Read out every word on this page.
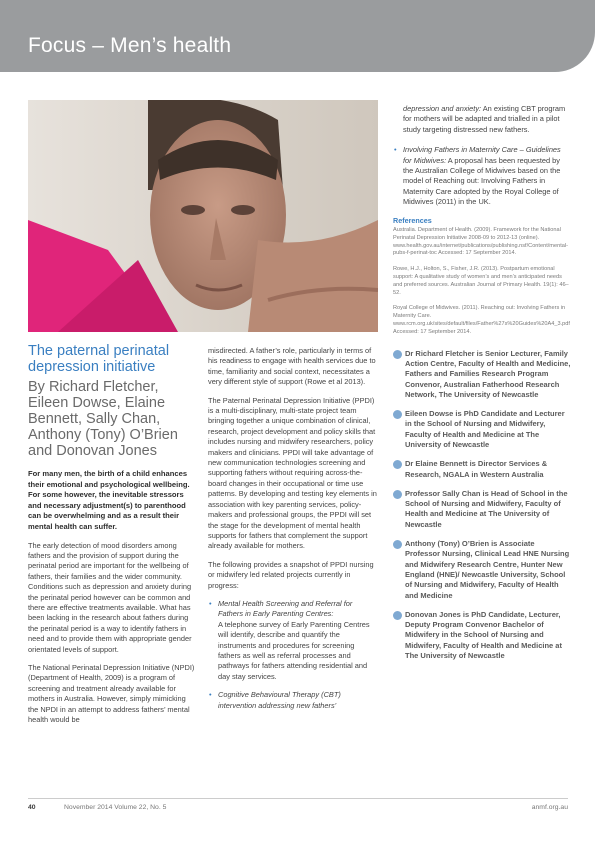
Focus – Men’s health
The paternal perinatal depression initiative
By Richard Fletcher, Eileen Dowse, Elaine Bennett, Sally Chan, Anthony (Tony) O’Brien and Donovan Jones

For many men, the birth of a child enhances their emotional and psychological wellbeing. For some however, the inevitable stressors and necessary adjustment(s) to parenthood can be overwhelming and as a result their mental health can suffer.

The early detection of mood disorders among fathers and the provision of support during the perinatal period are important for the wellbeing of fathers, their families and the wider community. Conditions such as depression and anxiety during the perinatal period however can be common and there are effective treatments available. What has been lacking in the research about fathers during the perinatal period is a way to identify fathers in need and to provide them with appropriate gender orientated levels of support.

The National Perinatal Depression Initiative (NPDI) (Department of Health, 2009) is a program of screening and treatment already available for mothers in Australia. However, simply mimicking the NPDI in an attempt to address fathers’ mental health would be

misdirected. A father’s role, particularly in terms of his readiness to engage with health services due to time, familiarity and social context, necessitates a very different style of support (Rowe et al 2013).

The Paternal Perinatal Depression Initiative (PPDI) is a multi-disciplinary, multi-state project team bringing together a unique combination of clinical, research, project development and policy skills that includes nursing and midwifery researchers, policy makers and clinicians. PPDI will take advantage of new communication technologies screening and supporting fathers without requiring across-the-board changes in their occupational or time use patterns. By developing and testing key elements in association with key parenting services, policy-makers and professional groups, the PPDI will set the stage for the development of mental health supports for fathers that complement the support already available for mothers.

The following provides a snapshot of PPDI nursing or midwifery led related projects currently in progress:

• Mental Health Screening and Referral for Fathers in Early Parenting Centres:
A telephone survey of Early Parenting Centres will identify, describe and quantify the instruments and procedures for screening fathers as well as referral processes and pathways for fathers attending residential and day stay services.
• Cognitive Behavioural Therapy (CBT) intervention addressing new fathers’
depression and anxiety: An existing CBT program for mothers will be adapted and trialled in a pilot study targeting distressed new fathers.
• Involving Fathers in Maternity Care – Guidelines for Midwives: A proposal has been requested by the Australian College of Midwives based on the model of Reaching out: Involving Fathers in Maternity Care adopted by the Royal College of Midwives (2011) in the UK.
References

Australia. Department of Health. (2009). Framework for the National Perinatal Depression Initiative 2008-09 to 2012-13 (online). www.health.gov.au/internet/publications/publishing.nsf/Content/mental-pubs-f-perinat-toc Accessed: 17 September 2014.

Rowe, H.J., Holton, S., Fisher, J.R. (2013). Postpartum emotional support: A qualitative study of women’s and men’s anticipated needs and preferred sources. Australian Journal of Primary Health. 19(1): 46–52.

Royal College of Midwives. (2011). Reaching out: Involving Fathers in Maternity Care. www.rcm.org.uk/sites/default/files/Father%27s%20Guides%20A4_3.pdf Accessed: 17 September 2014.

Dr Richard Fletcher is Senior Lecturer, Family Action Centre, Faculty of Health and Medicine, Fathers and Families Research Program Convenor, Australian Fatherhood Research Network, The University of Newcastle
Eileen Dowse is PhD Candidate and Lecturer in the School of Nursing and Midwifery, Faculty of Health and Medicine at The University of Newcastle
Dr Elaine Bennett is Director Services & Research, NGALA in Western Australia
Professor Sally Chan is Head of School in the School of Nursing and Midwifery, Faculty of Health and Medicine at The University of Newcastle
Anthony (Tony) O’Brien is Associate Professor Nursing, Clinical Lead HNE Nursing and Midwifery Research Centre, Hunter New England (HNE)/ Newcastle University, School of Nursing and Midwifery, Faculty of Health and Medicine
Donovan Jones is PhD Candidate, Lecturer, Deputy Program Convenor Bachelor of Midwifery in the School of Nursing and Midwifery, Faculty of Health and Medicine at The University of Newcastle
40	November 2014 Volume 22, No. 5	anmf.org.au
